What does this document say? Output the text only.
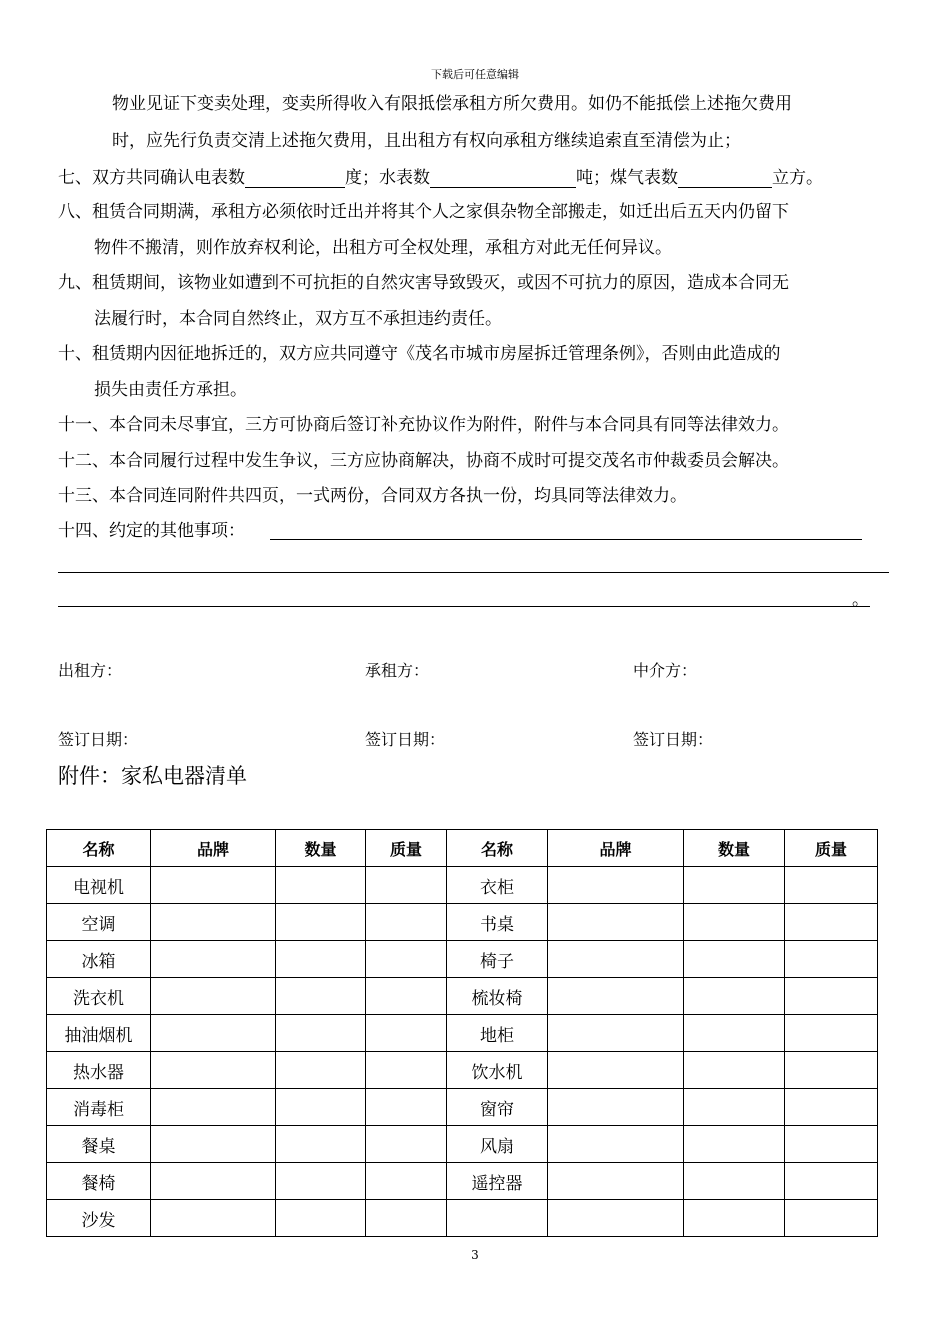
下载后可任意编辑
物业见证下变卖处理，变卖所得收入有限抵偿承租方所欠费用。如仍不能抵偿上述拖欠费用
时，应先行负责交清上述拖欠费用，且出租方有权向承租方继续追索直至清偿为止；
七、双方共同确认电表数	度；水表数	吨；煤气表数	立方。
八、租赁合同期满，承租方必须依时迁出并将其个人之家俱杂物全部搬走，如迁出后五天内仍留下
物件不搬清，则作放弃权利论，出租方可全权处理，承租方对此无任何异议。
九、租赁期间，该物业如遭到不可抗拒的自然灾害导致毁灭，或因不可抗力的原因，造成本合同无
法履行时，本合同自然终止，双方互不承担违约责任。
十、租赁期内因征地拆迁的，双方应共同遵守《茂名市城市房屋拆迁管理条例》，否则由此造成的
损失由责任方承担。
十一、本合同未尽事宜，三方可协商后签订补充协议作为附件，附件与本合同具有同等法律效力。
十二、本合同履行过程中发生争议，三方应协商解决，协商不成时可提交茂名市仲裁委员会解决。
十三、本合同连同附件共四页，一式两份，合同双方各执一份，均具同等法律效力。
十四、约定的其他事项：
。
出租方：	承租方：	中介方：
签订日期：	签订日期：	签订日期：
附件：家私电器清单
名称	品牌	数量	质量	名称	品牌	数量	质量
电视机				衣柜			
空调				书桌			
冰箱				椅子			
洗衣机				梳妆椅			
抽油烟机				地柜			
热水器				饮水机			
消毒柜				窗帘			
餐桌				风扇			
餐椅				遥控器			
沙发							
3
